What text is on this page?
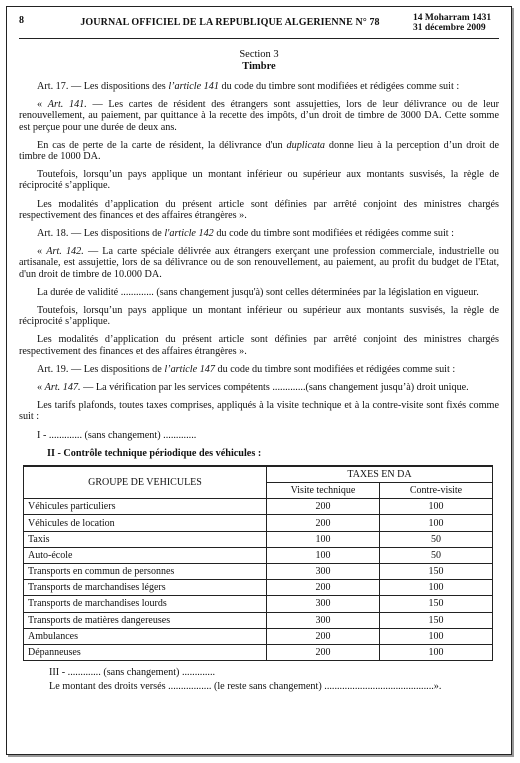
8	JOURNAL OFFICIEL DE LA REPUBLIQUE ALGERIENNE N° 78	14 Moharram 1431
31 décembre 2009
Section 3
Timbre

Art. 17. — Les dispositions des l’article 141 du code du timbre sont modifiées et rédigées comme suit :

« Art. 141. — Les cartes de résident des étrangers sont assujetties, lors de leur délivrance ou de leur renouvellement, au paiement, par quittance à la recette des impôts, d’un droit de timbre de 3000 DA. Cette somme est perçue pour une durée de deux ans.

En cas de perte de la carte de résident, la délivrance d'un duplicata donne lieu à la perception d’un droit de timbre de 1000 DA.

Toutefois, lorsqu’un pays applique un montant inférieur ou supérieur aux montants susvisés, la règle de réciprocité s’applique.

Les modalités d’application du présent article sont définies par arrêté conjoint des ministres chargés respectivement des finances et des affaires étrangères ».

Art. 18. — Les dispositions de l'article 142 du code du timbre sont modifiées et rédigées comme suit :

« Art. 142. — La carte spéciale délivrée aux étrangers exerçant une profession commerciale, industrielle ou artisanale, est assujettie, lors de sa délivrance ou de son renouvellement, au paiement, au profit du budget de l'Etat, d'un droit de timbre de 10.000 DA.

La durée de validité ............. (sans changement jusqu'à) sont celles déterminées par la législation en vigueur.

Toutefois, lorsqu’un pays applique un montant inférieur ou supérieur aux montants susvisés, la règle de réciprocité s’applique.

Les modalités d’application du présent article sont définies par arrêté conjoint des ministres chargés respectivement des finances et des affaires étrangères ».

Art. 19. — Les dispositions de l’article 147 du code du timbre sont modifiées et rédigées comme suit :

« Art. 147. — La vérification par les services compétents .............(sans changement jusqu’à) droit unique.

Les tarifs plafonds, toutes taxes comprises, appliqués à la visite technique et à la contre-visite sont fixés comme suit :

I - ............. (sans changement) .............

II - Contrôle technique périodique des véhicules :
GROUPE DE VEHICULES	TAXES EN DA	
	Visite technique	Contre-visite
Véhicules particuliers	200	100
Véhicules de location	200	100
Taxis	100	50
Auto-école	100	50
Transports en commun de personnes	300	150
Transports de marchandises légers	200	100
Transports de marchandises lourds	300	150
Transports de matières dangereuses	300	150
Ambulances	200	100
Dépanneuses	200	100
III - ............. (sans changement) .............
Le montant des droits versés ................. (le reste sans changement) ...........................................».
